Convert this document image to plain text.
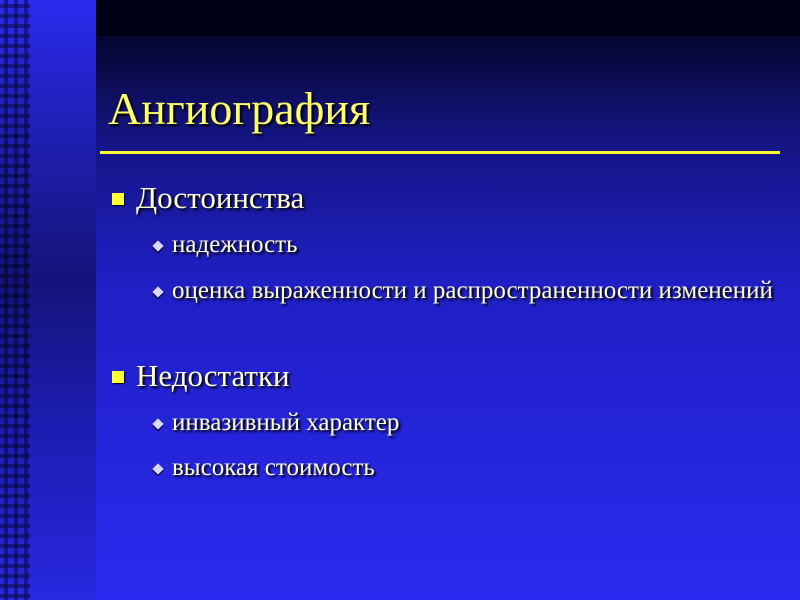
Ангиография
Достоинства
надежность
оценка выраженности и распространенности изменений
Недостатки
инвазивный характер
высокая стоимость
